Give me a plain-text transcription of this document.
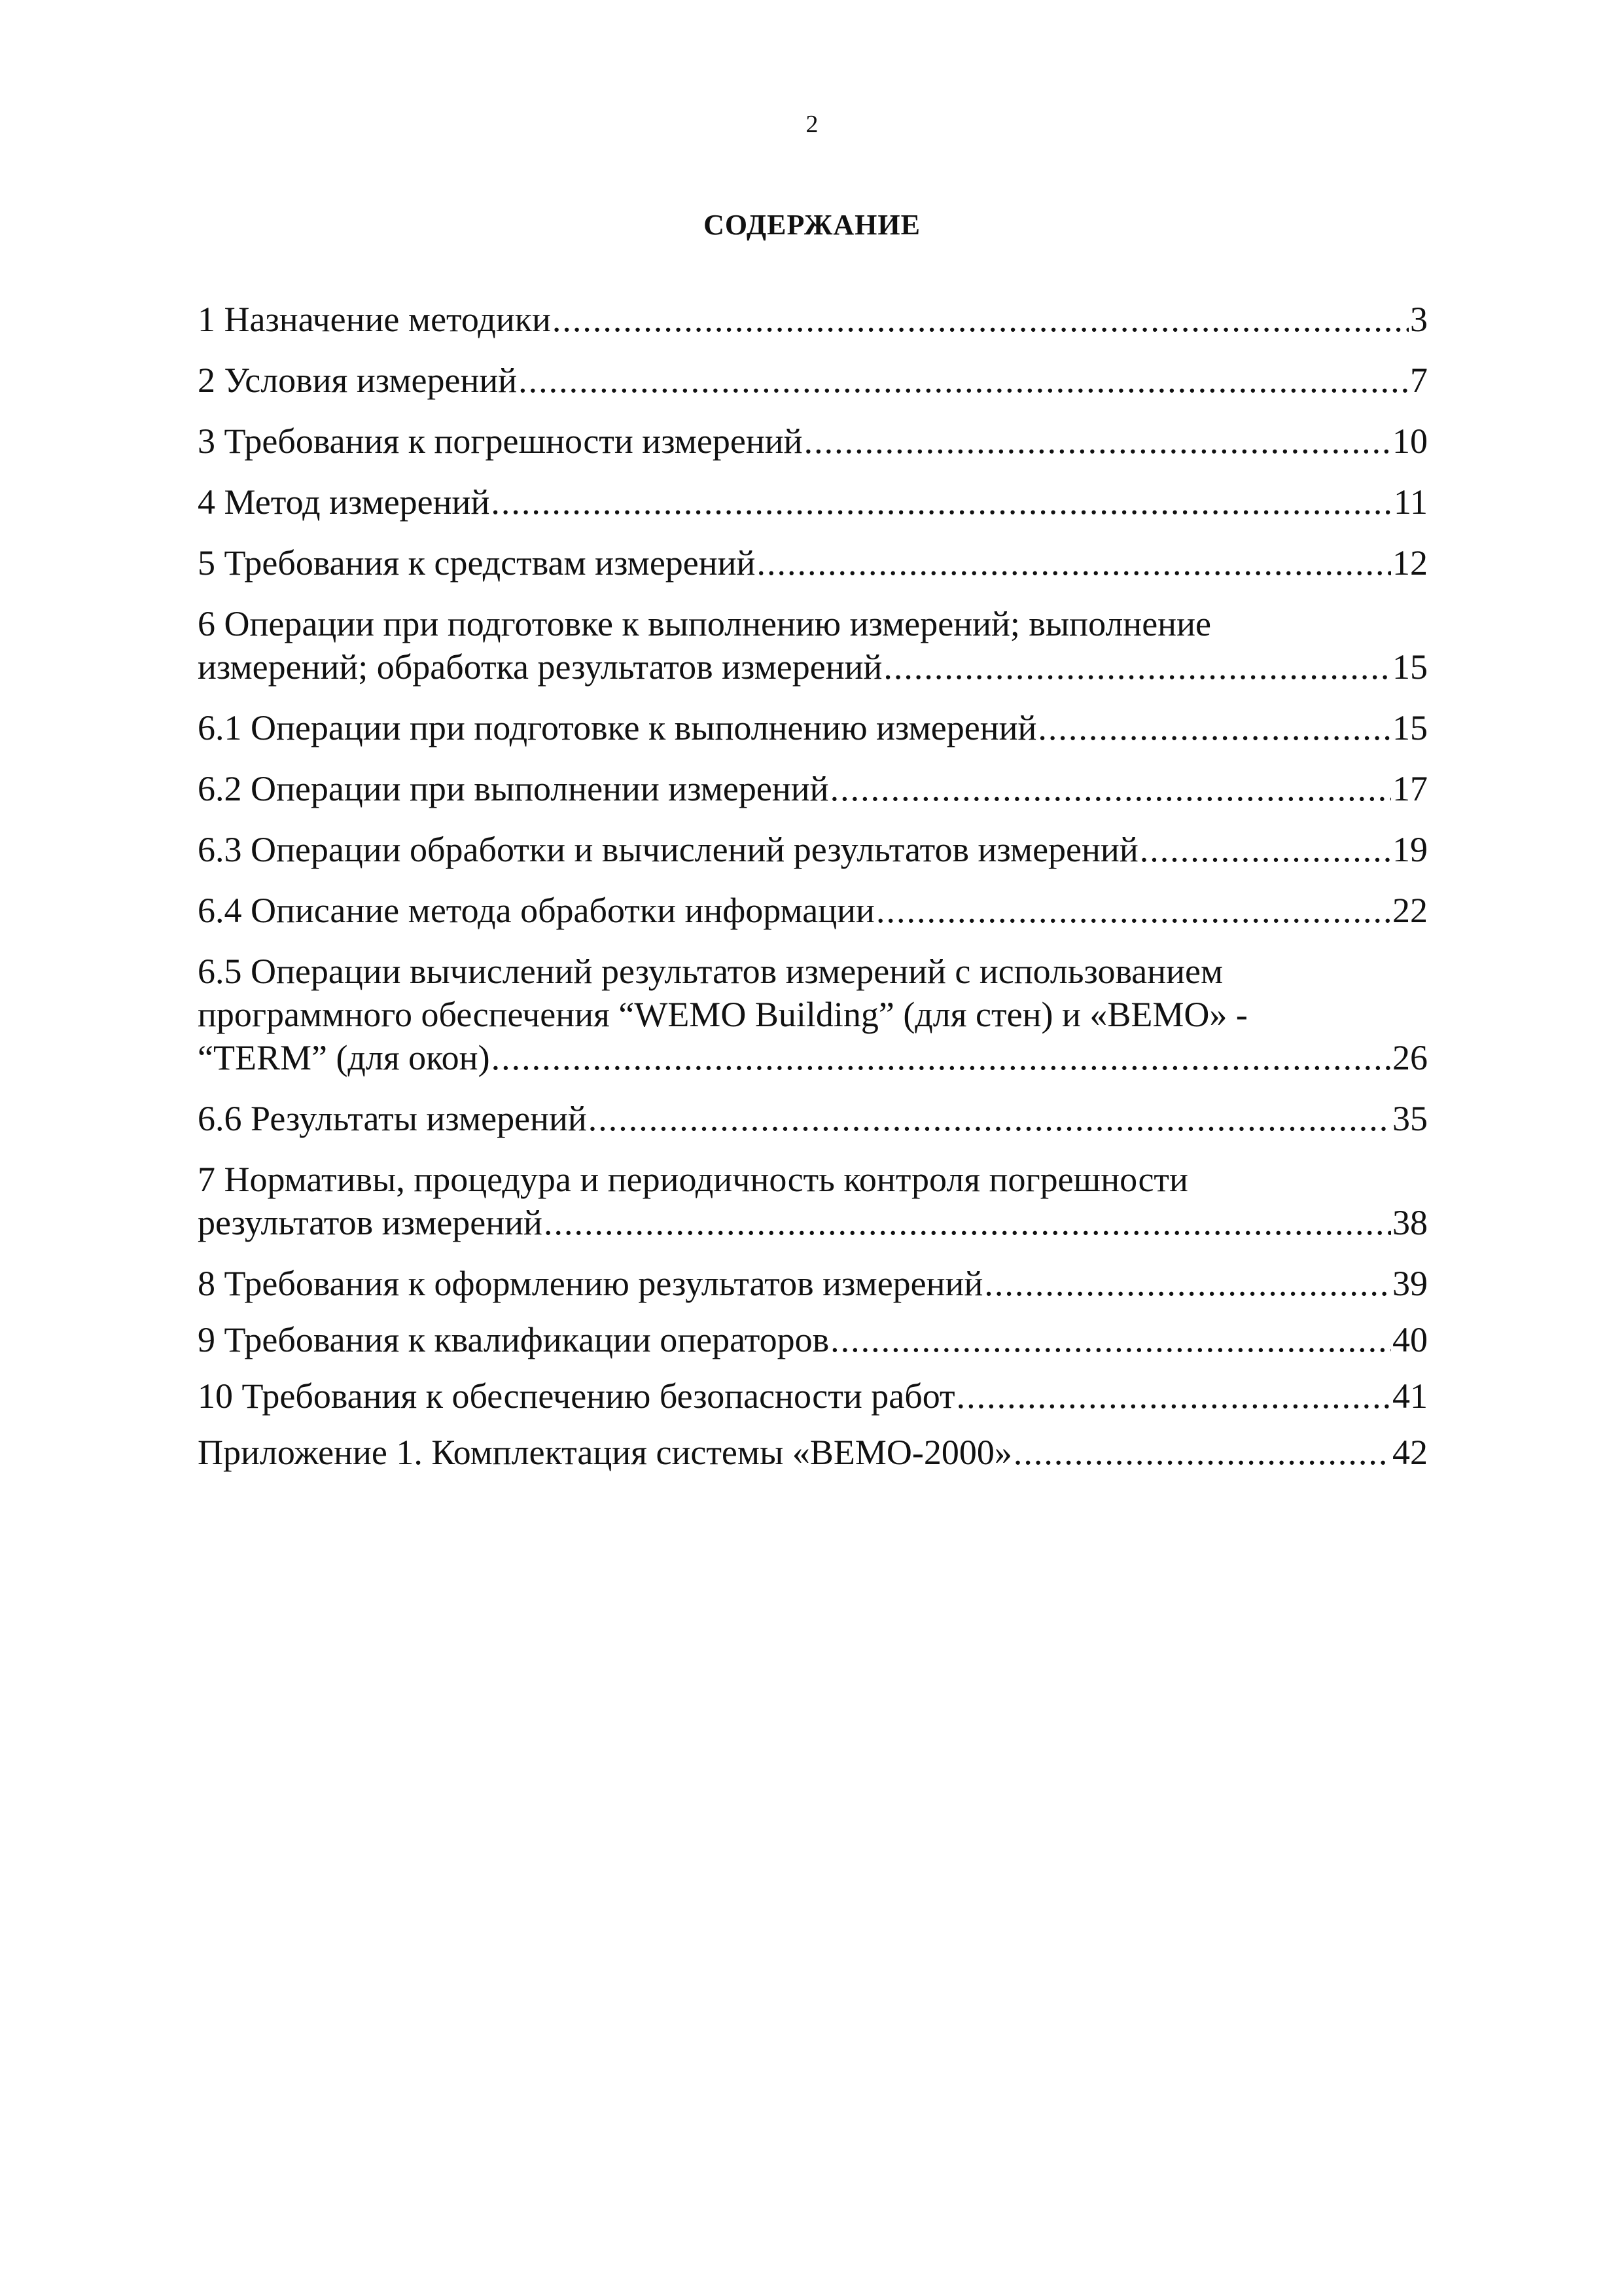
2
СОДЕРЖАНИЕ
1 Назначение методики .....	3
2 Условия измерений .....	7
3 Требования к погрешности измерений .....	10
4 Метод измерений .....	11
5 Требования к средствам измерений .....	12
6 Операции при подготовке к выполнению измерений; выполнение
измерений; обработка результатов измерений .....	15
6.1 Операции при подготовке к выполнению измерений .....	15
6.2 Операции при выполнении измерений .....	17
6.3 Операции обработки и вычислений результатов измерений .....	19
6.4 Описание метода обработки информации .....	22
6.5 Операции вычислений результатов измерений с использованием
программного обеспечения “WEMO Building” (для стен) и «BEMO» -
“TERM” (для окон) .....	26
6.6 Результаты измерений .....	35
7 Нормативы, процедура и периодичность контроля погрешности
результатов измерений .....	38
8 Требования к оформлению результатов измерений .....	39
9 Требования к квалификации операторов .....	40
10 Требования к обеспечению безопасности работ .....	41
Приложение 1. Комплектация системы «BEMO-2000» .....	42
